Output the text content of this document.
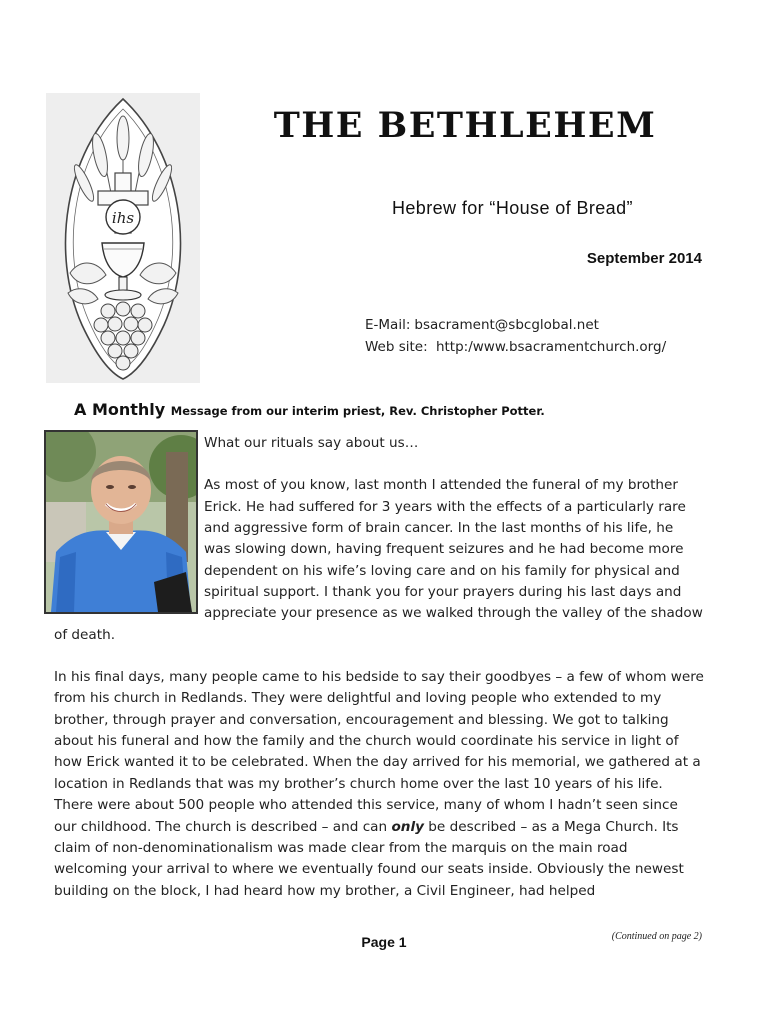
ihs
THE BETHLEHEM
Hebrew for “House of Bread”
September 2014
E-Mail: bsacrament@sbcglobal.net
Web site: http:/www.bsacramentchurch.org/
A Monthly Message from our interim priest, Rev. Christopher Potter.

What our rituals say about us…
As most of you know, last month I attended the funeral of my brother Erick. He had suffered for 3 years with the effects of a particularly rare and aggressive form of brain cancer. In the last months of his life, he was slowing down, having frequent seizures and he had become more dependent on his wife’s loving care and on his family for physical and spiritual support. I thank you for your prayers during his last days and appreciate your presence as we walked through the valley of the shadow of death.

In his final days, many people came to his bedside to say their goodbyes – a few of whom were from his church in Redlands. They were delightful and loving people who extended to my brother, through prayer and conversation, encouragement and blessing. We got to talking about his funeral and how the family and the church would coordinate his service in light of how Erick wanted it to be celebrated. When the day arrived for his memorial, we gathered at a location in Redlands that was my brother’s church home over the last 10 years of his life. There were about 500 people who attended this service, many of whom I hadn’t seen since our childhood. The church is described – and can only be described – as a Mega Church. Its claim of non-denominationalism was made clear from the marquis on the main road welcoming your arrival to where we eventually found our seats inside. Obviously the newest building on the block, I had heard how my brother, a Civil Engineer, had helped

Page 1	(Continued on page 2)
